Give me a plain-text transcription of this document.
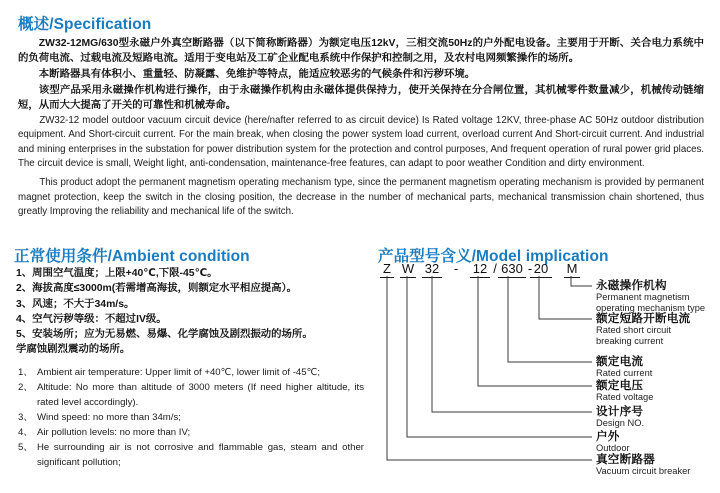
概述/Specification

ZW32-12MG/630型永磁户外真空断路器（以下简称断路器）为额定电压12kV，三相交流50Hz的户外配电设备。主要用于开断、关合电力系统中的负荷电流、过载电流及短路电流。适用于变电站及工矿企业配电系统中作保护和控制之用，及农村电网频繁操作的场所。

本断路器具有体积小、重量轻、防凝露、免维护等特点，能适应较恶劣的气候条件和污秽环境。

该型产品采用永磁操作机构进行操作，由于永磁操作机构由永磁体提供保持力，使开关保持在分合闸位置，其机械零件数量减少，机械传动链缩短，从而大大提高了开关的可靠性和机械寿命。

ZW32-12 model outdoor vacuum circuit device (here/nafter referred to as circuit device) Is Rated voltage 12KV, three-phase AC 50Hz outdoor distribution equipment. And Short-circuit current. For the main break, when closing the power system load current, overload current And Short-circuit current. And industrial and mining enterprises in the substation for power distribution system for the protection and control purposes, And frequent operation of rural power grid places. The circuit device is small, Weight light, anti-condensation, maintenance-free features, can adapt to poor weather Condition and dirty environment.

This product adopt the permanent magnetism operating mechanism type, since the permanent magnetism operating mechanism is provided by permanent magnet protection, keep the switch in the closing position, the decrease in the number of mechanical parts, mechanical transmission chain shortened, thus greatly Improving the reliability and mechanical life of the switch.

正常使用条件/Ambient condition
1、周围空气温度；上限+40℃,下限-45℃。
2、海拔高度≤3000m(若需增高海拔，则额定水平相应提高）。
3、风速；不大于34m/s。
4、空气污秽等级：不超过IV级。
5、安装场所；应为无易燃、易爆、化学腐蚀及剧烈振动的场所。
学腐蚀剧烈震动的场所。
1、 Ambient air temperature: Upper limit of +40℃, lower limit of -45℃;
2、 Altitude: No more than altitude of 3000 meters (If need higher altitude, its rated level accordingly).
3、 Wind speed: no more than 34m/s;
4、 Air pollution levels: no more than IV;
5、 He surrounding air is not corrosive and flammable gas, steam and other significant pollution;
产品型号含义/Model implication
Z W 32	12 630 20 M
-	/ -
永磁操作机构
Permanent magnetism
operating mechanism type
额定短路开断电流
Rated short circuit
breaking current
额定电流
Rated current
额定电压
Rated voltage
设计序号
Design NO.
户外
Outdoor
真空断路器
Vacuum circuit breaker
